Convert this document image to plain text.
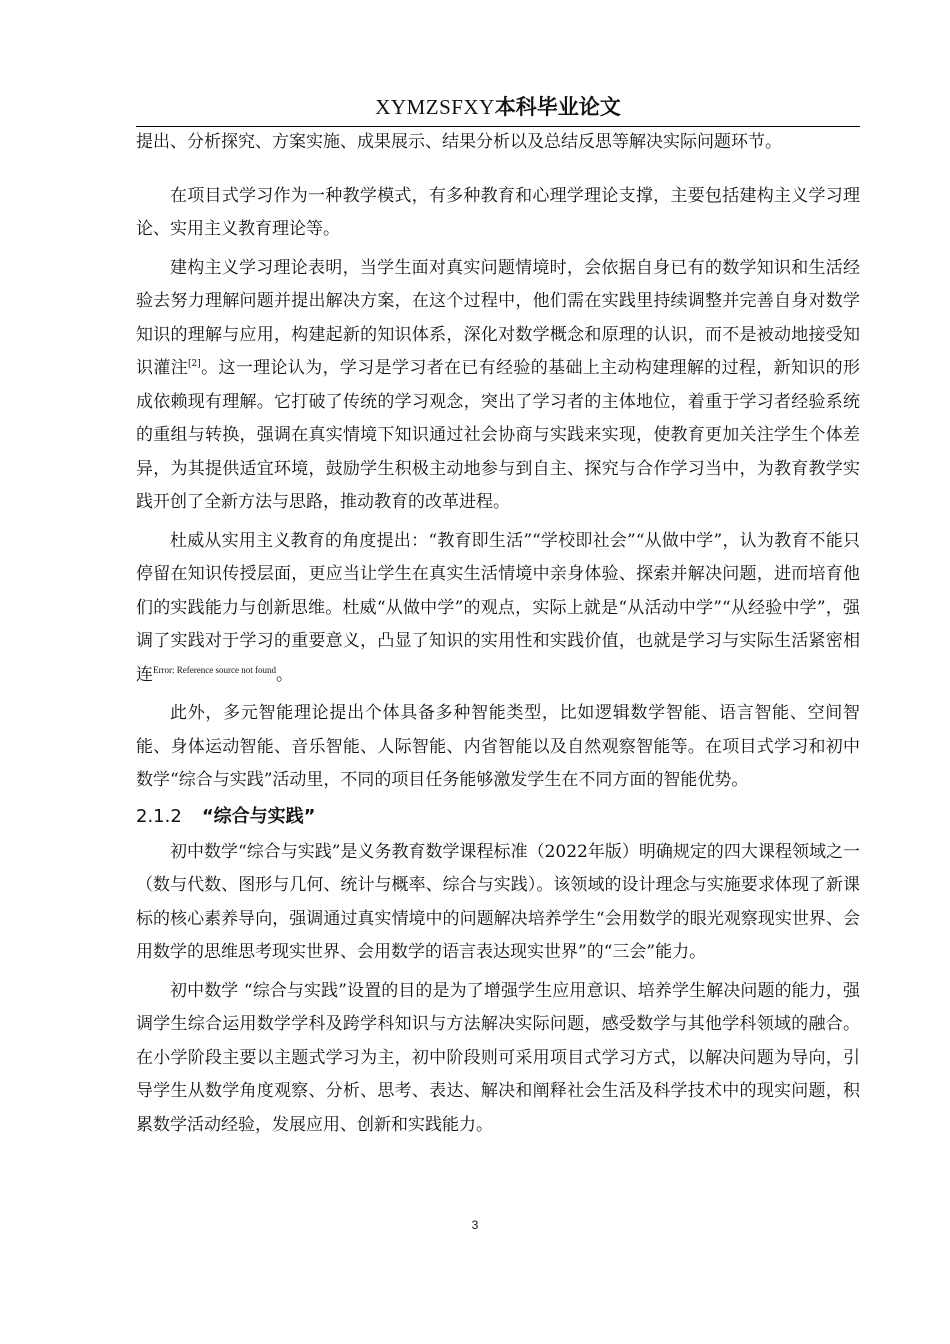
XYMZSFXY本科毕业论文

提出、分析探究、方案实施、成果展示、结果分析以及总结反思等解决实际问题环节。

在项目式学习作为一种教学模式，有多种教育和心理学理论支撑，主要包括建构主义学习理论、实用主义教育理论等。

建构主义学习理论表明，当学生面对真实问题情境时，会依据自身已有的数学知识和生活经验去努力理解问题并提出解决方案，在这个过程中，他们需在实践里持续调整并完善自身对数学知识的理解与应用，构建起新的知识体系，深化对数学概念和原理的认识，而不是被动地接受知识灌注[2]。这一理论认为，学习是学习者在已有经验的基础上主动构建理解的过程，新知识的形成依赖现有理解。它打破了传统的学习观念，突出了学习者的主体地位，着重于学习者经验系统的重组与转换，强调在真实情境下知识通过社会协商与实践来实现，使教育更加关注学生个体差异，为其提供适宜环境，鼓励学生积极主动地参与到自主、探究与合作学习当中，为教育教学实践开创了全新方法与思路，推动教育的改革进程。

杜威从实用主义教育的角度提出：“教育即生活”“学校即社会”“从做中学”，认为教育不能只停留在知识传授层面，更应当让学生在真实生活情境中亲身体验、探索并解决问题，进而培育他们的实践能力与创新思维。杜威“从做中学”的观点，实际上就是“从活动中学”“从经验中学”，强调了实践对于学习的重要意义，凸显了知识的实用性和实践价值，也就是学习与实际生活紧密相连$^{Error: Reference source not found}$。

此外，多元智能理论提出个体具备多种智能类型，比如逻辑数学智能、语言智能、空间智能、身体运动智能、音乐智能、人际智能、内省智能以及自然观察智能等。在项目式学习和初中数学“综合与实践”活动里，不同的项目任务能够激发学生在不同方面的智能优势。

2.1.2 “综合与实践”

初中数学“综合与实践”是义务教育数学课程标准（2022年版）明确规定的四大课程领域之一（数与代数、图形与几何、统计与概率、综合与实践）。该领域的设计理念与实施要求体现了新课标的核心素养导向，强调通过真实情境中的问题解决培养学生“会用数学的眼光观察现实世界、会用数学的思维思考现实世界、会用数学的语言表达现实世界”的“三会”能力。

初中数学 “综合与实践”设置的目的是为了增强学生应用意识、培养学生解决问题的能力，强调学生综合运用数学学科及跨学科知识与方法解决实际问题，感受数学与其他学科领域的融合。在小学阶段主要以主题式学习为主，初中阶段则可采用项目式学习方式，以解决问题为导向，引导学生从数学角度观察、分析、思考、表达、解决和阐释社会生活及科学技术中的现实问题，积累数学活动经验，发展应用、创新和实践能力。

3
